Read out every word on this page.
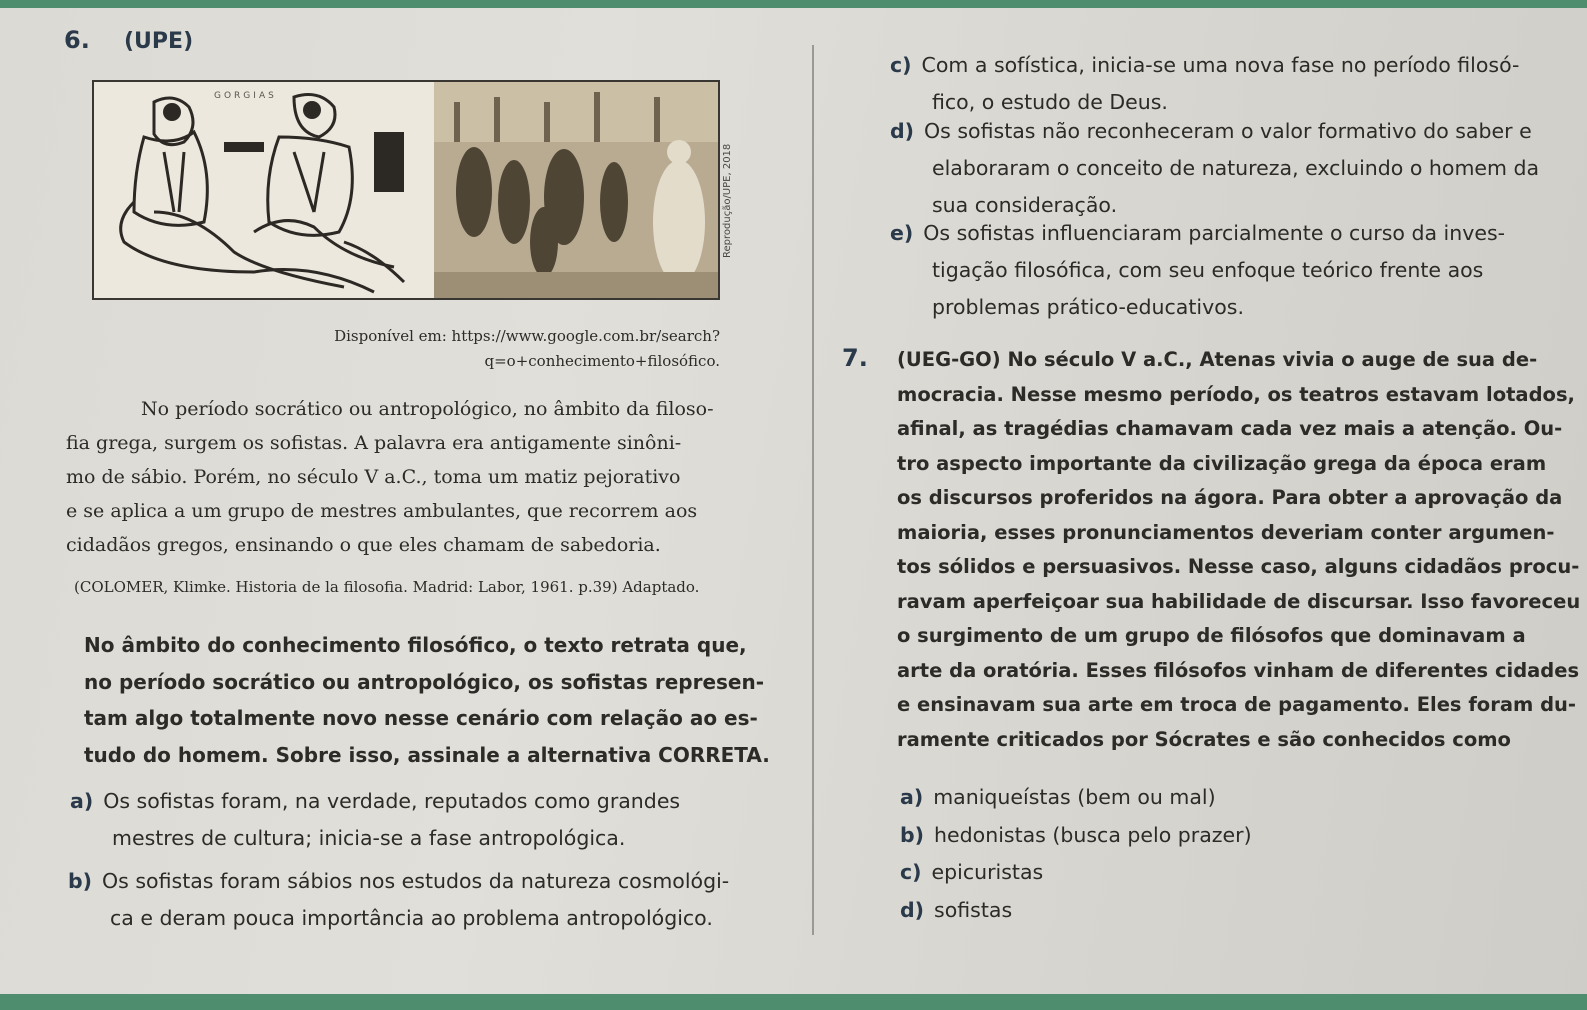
6. (UPE)
GORGIAS
Reprodução/UPE, 2018
Disponível em: https://www.google.com.br/search?
q=o+conhecimento+filosófico.
No período socrático ou antropológico, no âmbito da filoso-
fia grega, surgem os sofistas. A palavra era antigamente sinôni-
mo de sábio. Porém, no século V a.C., toma um matiz pejorativo
e se aplica a um grupo de mestres ambulantes, que recorrem aos
cidadãos gregos, ensinando o que eles chamam de sabedoria.
(COLOMER, Klimke. Historia de la filosofia. Madrid: Labor, 1961. p.39) Adaptado.
No âmbito do conhecimento filosófico, o texto retrata que,
no período socrático ou antropológico, os sofistas represen-
tam algo totalmente novo nesse cenário com relação ao es-
tudo do homem. Sobre isso, assinale a alternativa CORRETA.
a) Os sofistas foram, na verdade, reputados como grandes
mestres de cultura; inicia-se a fase antropológica.
b) Os sofistas foram sábios nos estudos da natureza cosmológi-
ca e deram pouca importância ao problema antropológico.
c) Com a sofística, inicia-se uma nova fase no período filosó-
fico, o estudo de Deus.
d) Os sofistas não reconheceram o valor formativo do saber e
elaboraram o conceito de natureza, excluindo o homem da
sua consideração.
e) Os sofistas influenciaram parcialmente o curso da inves-
tigação filosófica, com seu enfoque teórico frente aos
problemas prático-educativos.
7. (UEG-GO) No século V a.C., Atenas vivia o auge de sua de-
mocracia. Nesse mesmo período, os teatros estavam lotados,
afinal, as tragédias chamavam cada vez mais a atenção. Ou-
tro aspecto importante da civilização grega da época eram
os discursos proferidos na ágora. Para obter a aprovação da
maioria, esses pronunciamentos deveriam conter argumen-
tos sólidos e persuasivos. Nesse caso, alguns cidadãos procu-
ravam aperfeiçoar sua habilidade de discursar. Isso favoreceu
o surgimento de um grupo de filósofos que dominavam a
arte da oratória. Esses filósofos vinham de diferentes cidades
e ensinavam sua arte em troca de pagamento. Eles foram du-
ramente criticados por Sócrates e são conhecidos como
a) maniqueístas (bem ou mal)
b) hedonistas (busca pelo prazer)
c) epicuristas
d) sofistas
